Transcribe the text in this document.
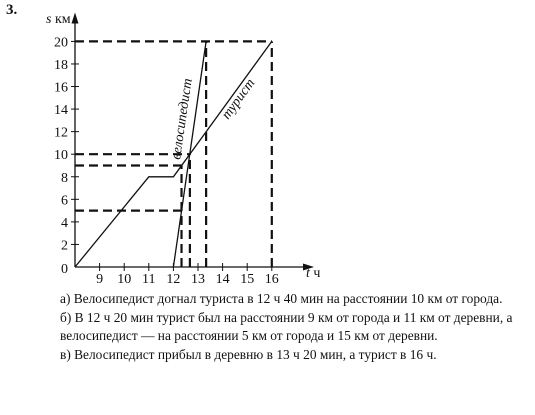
3.
2
4
6
8
10
12
14
16
18
20
9 10 11 12 13 14 15 16
0
s км
t ч
турист
велосипедист

а) Велосипедист догнал туриста в 12 ч 40 мин на расстоянии 10 км от города.

б) В 12 ч 20 мин турист был на расстоянии 9 км от города и 11 км от деревни, а велосипедист — на расстоянии 5 км от города и 15 км от деревни.

в) Велосипедист прибыл в деревню в 13 ч 20 мин, а турист в 16 ч.
